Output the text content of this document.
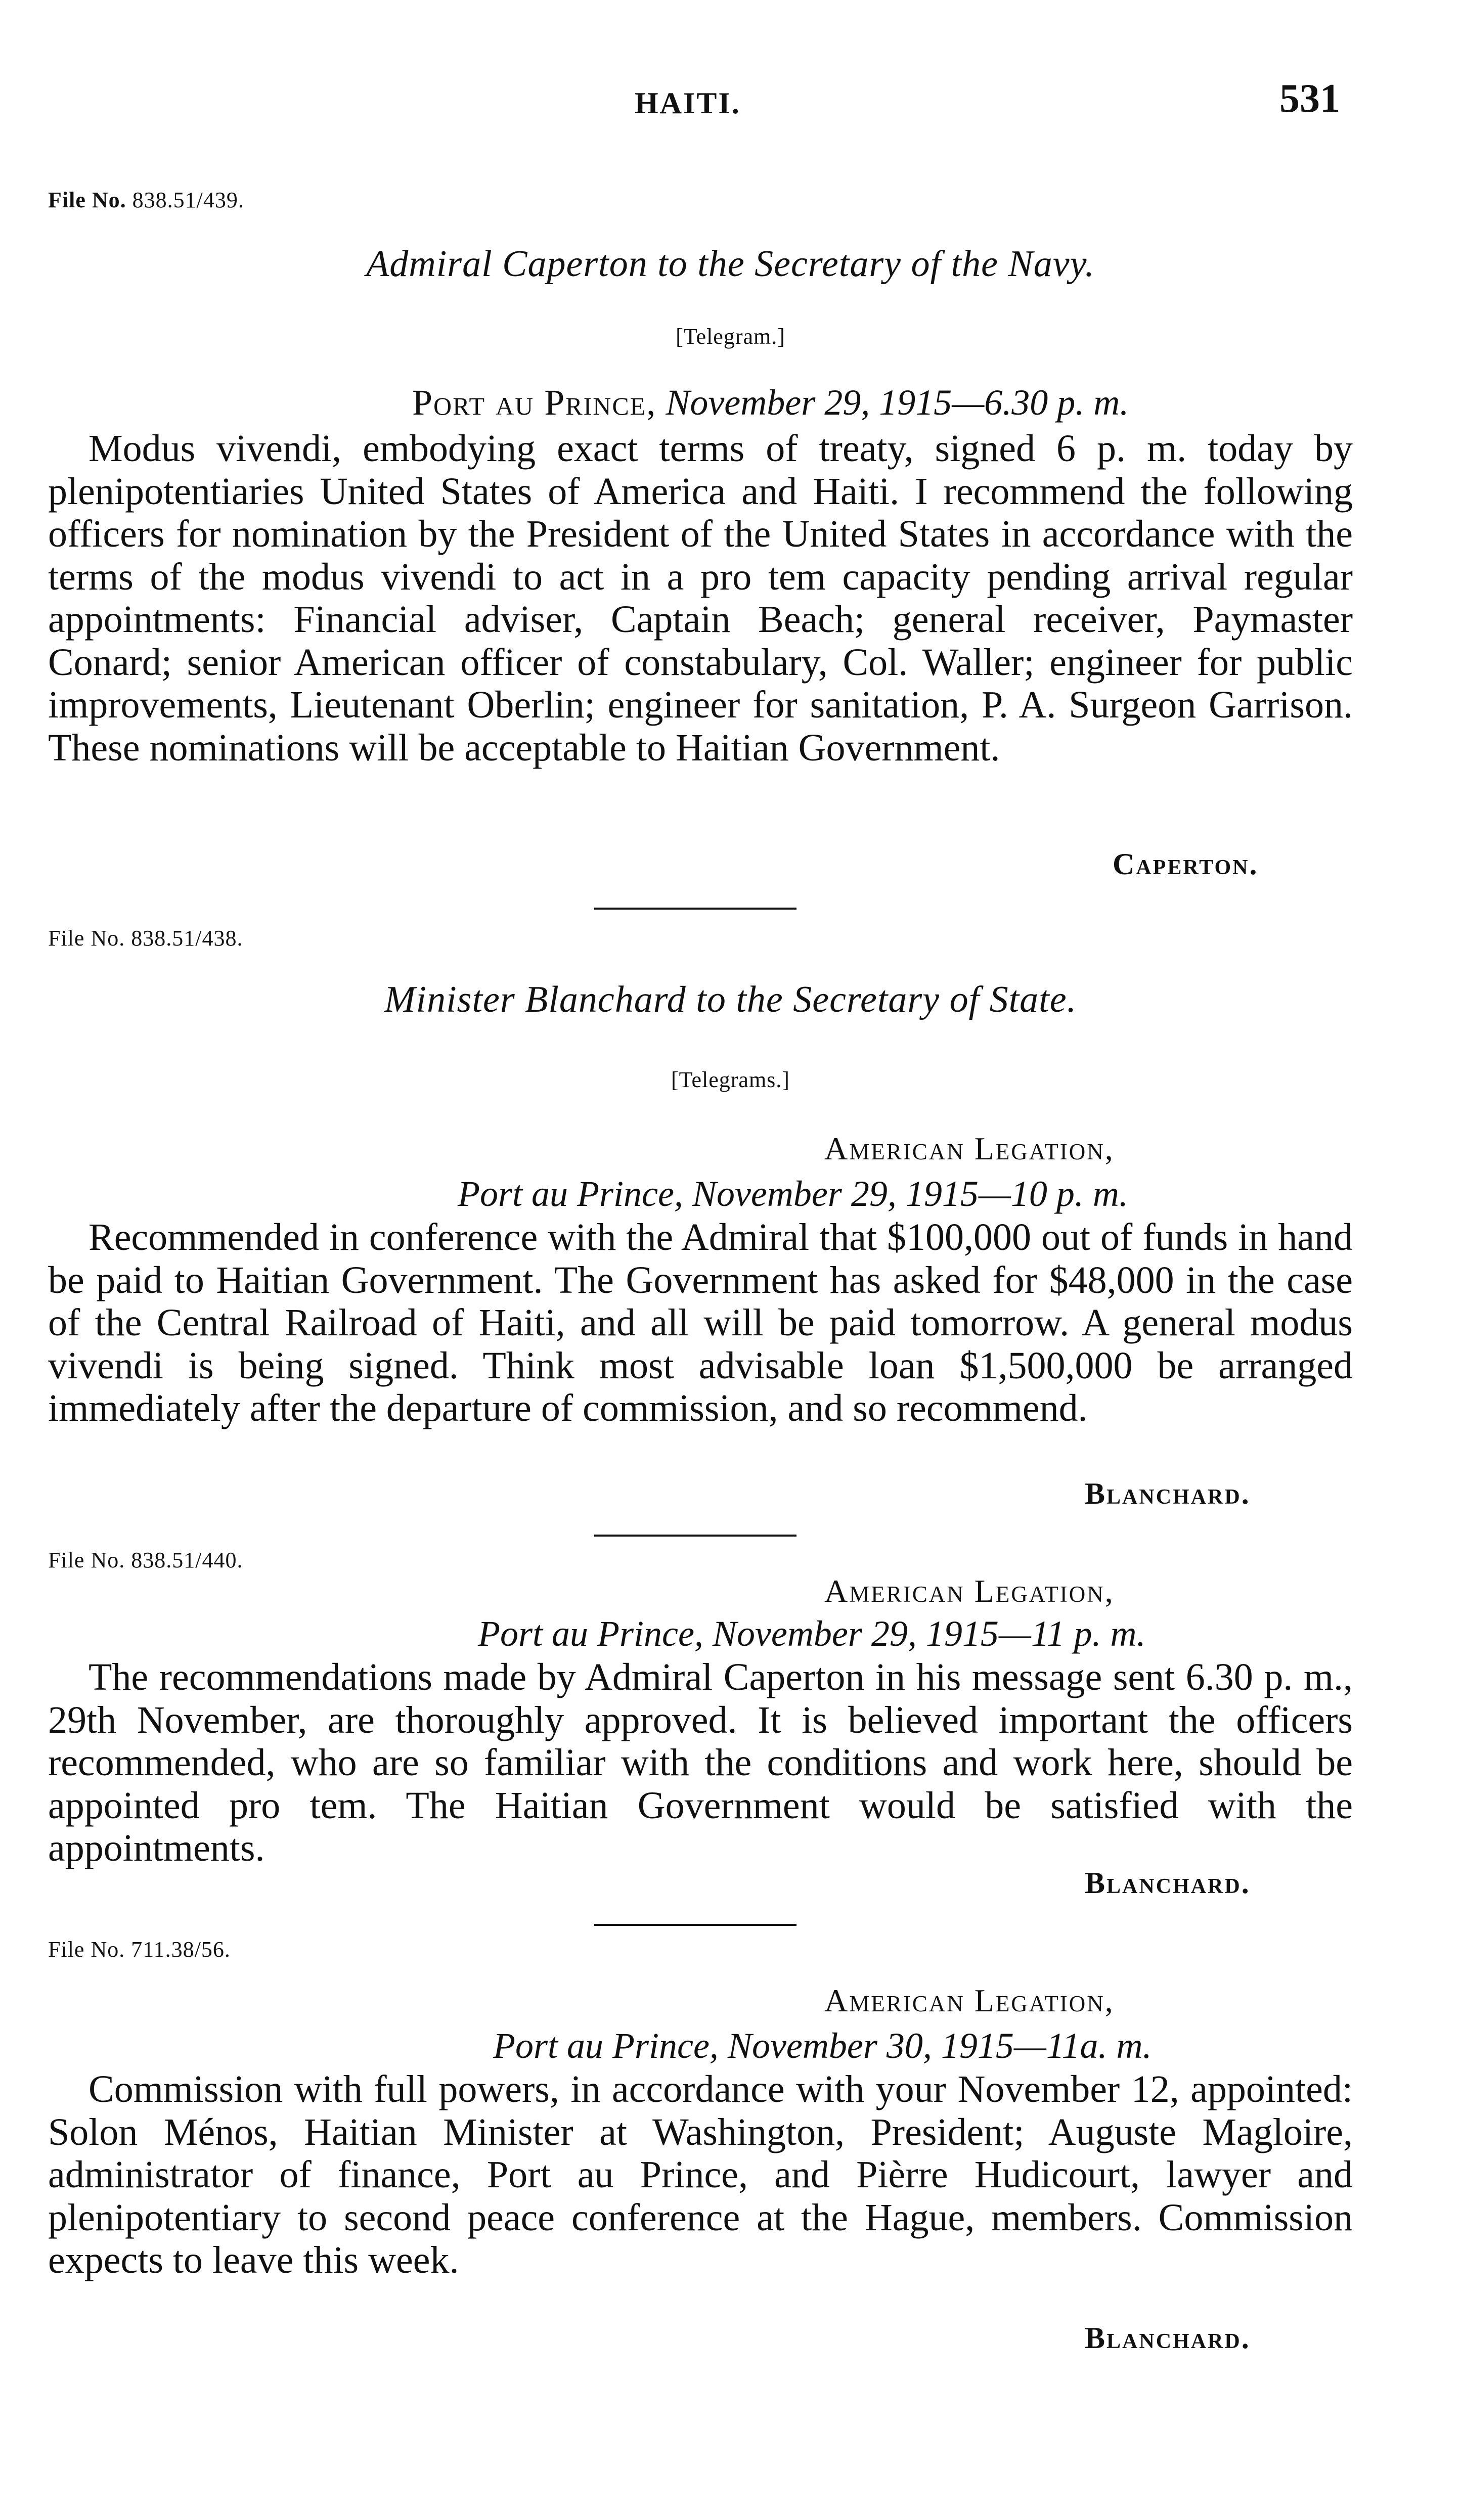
HAITI.	531
File No. 838.51/439.
Admiral Caperton to the Secretary of the Navy.
[Telegram.]
Port au Prince, November 29, 1915—6.30 p. m.

Modus vivendi, embodying exact terms of treaty, signed 6 p. m. today by plenipotentiaries United States of America and Haiti. I recommend the following officers for nomination by the President of the United States in accordance with the terms of the modus vivendi to act in a pro tem capacity pending arrival regular appointments: Financial adviser, Captain Beach; general receiver, Paymaster Conard; senior American officer of constabulary, Col. Waller; engineer for public improvements, Lieutenant Oberlin; engineer for sanitation, P. A. Surgeon Garrison. These nominations will be acceptable to Haitian Government.

Caperton.
File No. 838.51/438.
Minister Blanchard to the Secretary of State.
[Telegrams.]
American Legation,
Port au Prince, November 29, 1915—10 p. m.

Recommended in conference with the Admiral that $100,000 out of funds in hand be paid to Haitian Government. The Government has asked for $48,000 in the case of the Central Railroad of Haiti, and all will be paid tomorrow. A general modus vivendi is being signed. Think most advisable loan $1,500,000 be arranged immediately after the departure of commission, and so recommend.

Blanchard.
File No. 838.51/440.
American Legation,
Port au Prince, November 29, 1915—11 p. m.

The recommendations made by Admiral Caperton in his message sent 6.30 p. m., 29th November, are thoroughly approved. It is believed important the officers recommended, who are so familiar with the conditions and work here, should be appointed pro tem. The Haitian Government would be satisfied with the appointments.

Blanchard.
File No. 711.38/56.
American Legation,
Port au Prince, November 30, 1915—11a. m.

Commission with full powers, in accordance with your November 12, appointed: Solon Ménos, Haitian Minister at Washington, President; Auguste Magloire, administrator of finance, Port au Prince, and Pièrre Hudicourt, lawyer and plenipotentiary to second peace conference at the Hague, members. Commission expects to leave this week.

Blanchard.
